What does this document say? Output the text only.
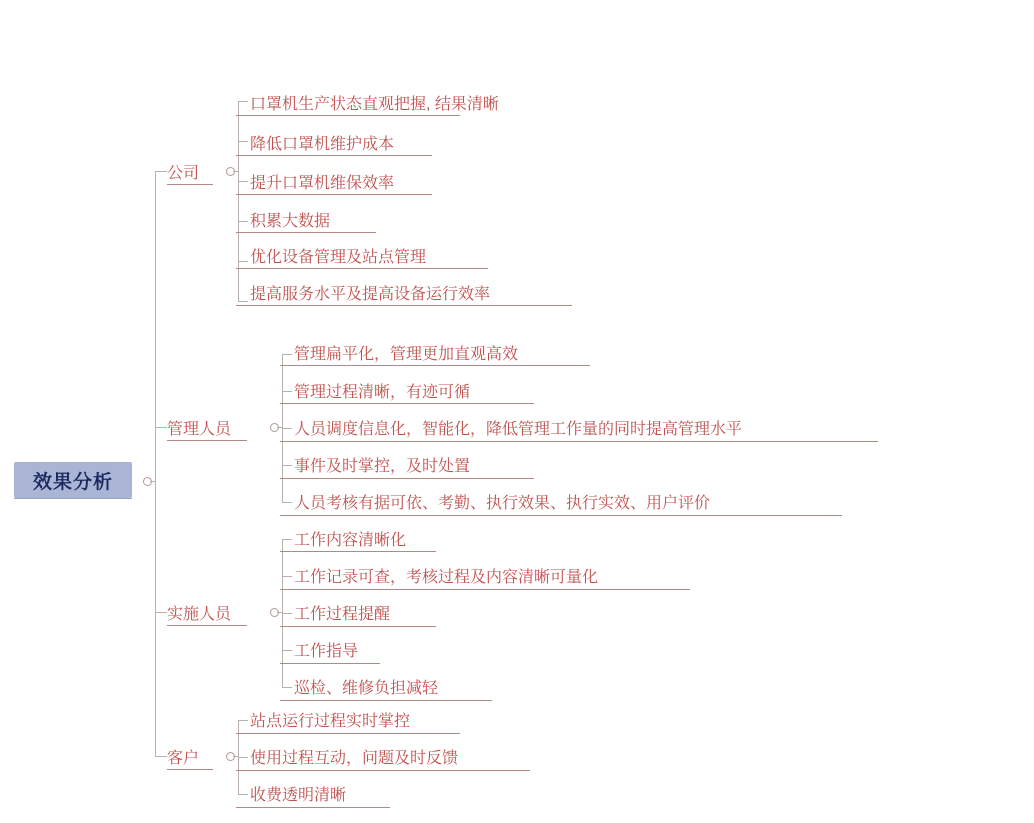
效果分析
公司
口罩机生产状态直观把握, 结果清晰
降低口罩机维护成本
提升口罩机维保效率
积累大数据
优化设备管理及站点管理
提高服务水平及提高设备运行效率
管理人员
管理扁平化，管理更加直观高效
管理过程清晰，有迹可循
人员调度信息化，智能化，降低管理工作量的同时提高管理水平
事件及时掌控，及时处置
人员考核有据可依、考勤、执行效果、执行实效、用户评价
实施人员
工作内容清晰化
工作记录可查，考核过程及内容清晰可量化
工作过程提醒
工作指导
巡检、维修负担减轻
客户
站点运行过程实时掌控
使用过程互动，问题及时反馈
收费透明清晰
